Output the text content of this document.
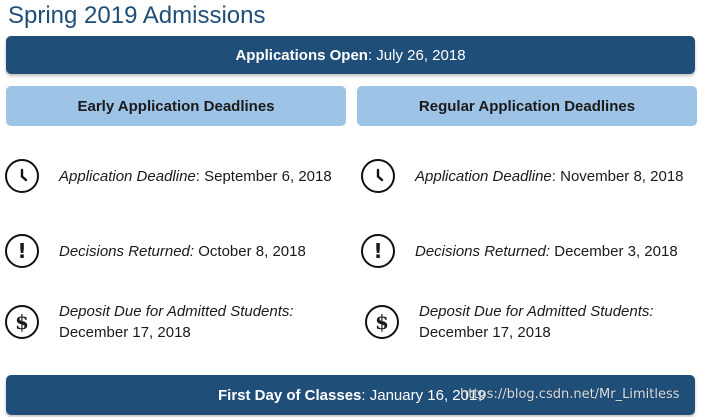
Spring 2019 Admissions
Applications Open : July 26, 2018
Early Application Deadlines	Regular Application Deadlines
Application Deadline: September 6, 2018
! Decisions Returned: October 8, 2018
$ Deposit Due for Admitted Students:
December 17, 2018
Application Deadline: November 8, 2018
! Decisions Returned: December 3, 2018
$ Deposit Due for Admitted Students:
December 17, 2018
First Day of Classes : January 16, 2019
https://blog.csdn.net/Mr_Limitless
